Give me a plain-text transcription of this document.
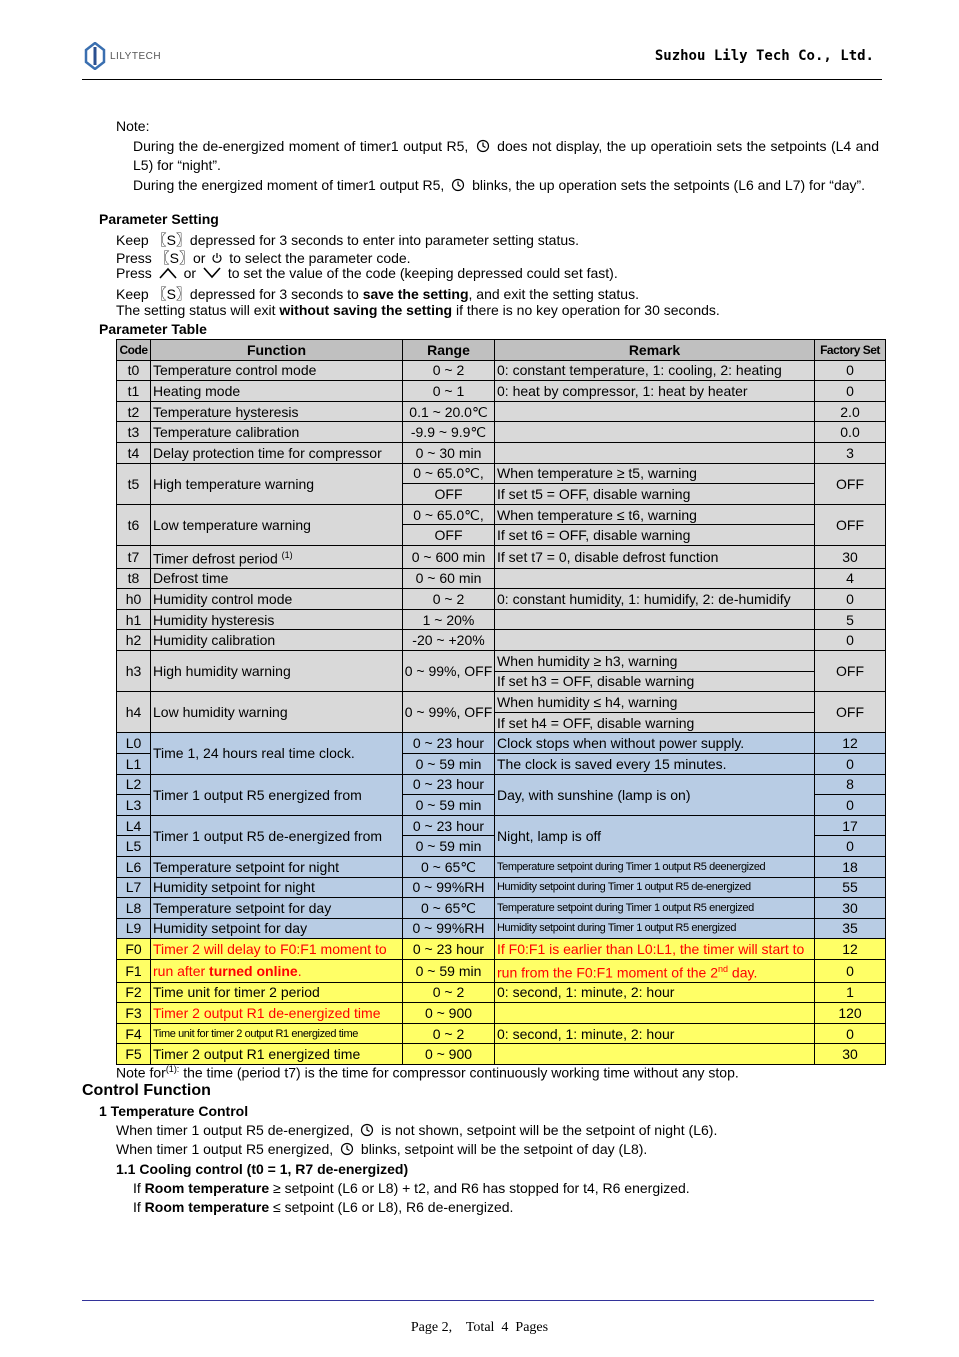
LILYTECH	Suzhou Lily Tech Co., Ltd.
Note:
During the de-energized moment of timer1 output R5, does not display, the up operatioin sets the setpoints (L4 and L5) for “night”.
During the energized moment of timer1 output R5, blinks, the up operation sets the setpoints (L6 and L7) for “day”.
Parameter Setting
Keep 〖S〗depressed for 3 seconds to enter into parameter setting status.
Press 〖S〗or to select the parameter code.
Press or to set the value of the code (keeping depressed could set fast).
Keep 〖S〗depressed for 3 seconds to save the setting, and exit the setting status.
The setting status will exit without saving the setting if there is no key operation for 30 seconds.
Parameter Table
Code	Function	Range	Remark	Factory Set
t0	Temperature control mode	0 ~ 2	0: constant temperature, 1: cooling, 2: heating	0
t1	Heating mode	0 ~ 1	0: heat by compressor, 1: heat by heater	0
t2	Temperature hysteresis	0.1 ~ 20.0℃		2.0
t3	Temperature calibration	-9.9 ~ 9.9℃		0.0
t4	Delay protection time for compressor	0 ~ 30 min		3
t5	High temperature warning	0 ~ 65.0℃,	When temperature ≥ t5, warning	OFF
		OFF	If set t5 = OFF, disable warning	
t6	Low temperature warning	0 ~ 65.0℃,	When temperature ≤ t6, warning	OFF
		OFF	If set t6 = OFF, disable warning	
t7	Timer defrost period $^{(1)}$	0 ~ 600 min	If set t7 = 0, disable defrost function	30
t8	Defrost time	0 ~ 60 min		4
h0	Humidity control mode	0 ~ 2	0: constant humidity, 1: humidify, 2: de-humidify	0
h1	Humidity hysteresis	1 ~ 20%		5
h2	Humidity calibration	-20 ~ +20%		0
h3	High humidity warning	0 ~ 99%, OFF	When humidity ≥ h3, warning	OFF
			If set h3 = OFF, disable warning	
h4	Low humidity warning	0 ~ 99%, OFF	When humidity ≤ h4, warning	OFF
			If set h4 = OFF, disable warning	
L0	Time 1, 24 hours real time clock.	0 ~ 23 hour	Clock stops when without power supply.	12
L1		0 ~ 59 min	The clock is saved every 15 minutes.	0
L2	Timer 1 output R5 energized from	0 ~ 23 hour	Day, with sunshine (lamp is on)	8
L3		0 ~ 59 min		0
L4	Timer 1 output R5 de-energized from	0 ~ 23 hour	Night, lamp is off	17
L5		0 ~ 59 min		0
L6	Temperature setpoint for night	0 ~ 65℃	Temperature setpoint during Timer 1 output R5 deenergized	18
L7	Humidity setpoint for night	0 ~ 99%RH	Humidity setpoint during Timer 1 output R5 de-energized	55
L8	Temperature setpoint for day	0 ~ 65℃	Temperature setpoint during Timer 1 output R5 energized	30
L9	Humidity setpoint for day	0 ~ 99%RH	Humidity setpoint during Timer 1 output R5 energized	35
F0	Timer 2 will delay to F0:F1 moment to	0 ~ 23 hour	If F0:F1 is earlier than L0:L1, the timer will start to	12
F1	run after turned online.	0 ~ 59 min	run from the F0:F1 moment of the 2nd day.	0
F2	Time unit for timer 2 period	0 ~ 2	0: second, 1: minute, 2: hour	1
F3	Timer 2 output R1 de-energized time	0 ~ 900		120
F4	Time unit for timer 2 output R1 energized time	0 ~ 2	0: second, 1: minute, 2: hour	0
F5	Timer 2 output R1 energized time	0 ~ 900		30
Note for$^{(1):}$ the time (period t7) is the time for compressor continuously working time without any stop.
Control Function
1 Temperature Control
When timer 1 output R5 de-energized, is not shown, setpoint will be the setpoint of night (L6).
When timer 1 output R5 energized, blinks, setpoint will be the setpoint of day (L8).
1.1 Cooling control (t0 = 1, R7 de-energized)
If Room temperature ≥ setpoint (L6 or L8) + t2, and R6 has stopped for t4, R6 energized.
If Room temperature ≤ setpoint (L6 or L8), R6 de-energized.
Page 2,    Total  4  Pages
